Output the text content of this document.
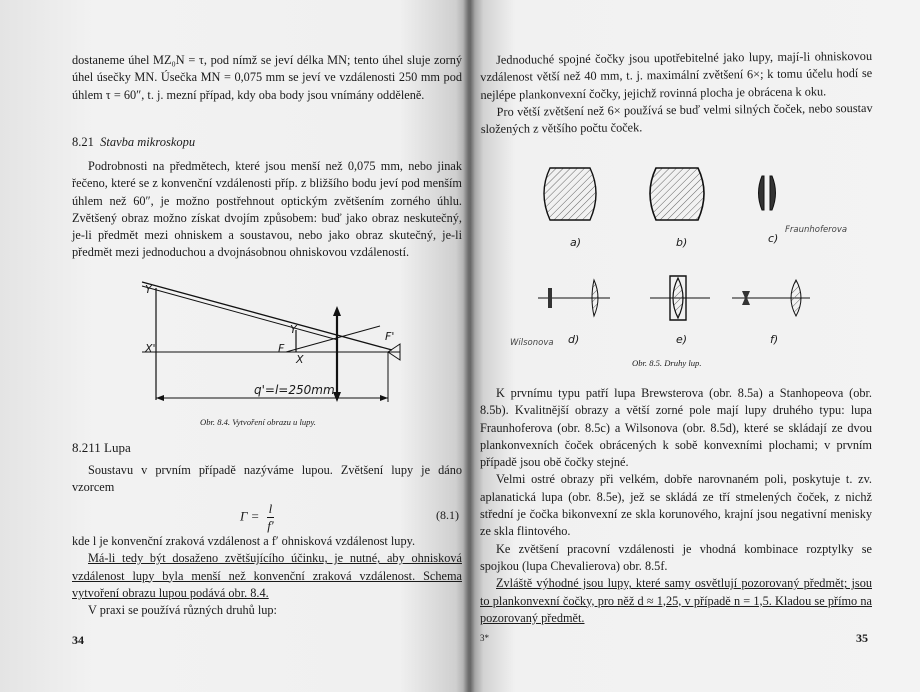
dostaneme úhel MZ₀N = τ, pod nímž se jeví délka MN; tento úhel sluje zorný úhel úsečky MN. Úsečka MN = 0,075 mm se jeví ve vzdálenosti 250 mm pod úhlem τ = 60″, t. j. mezní případ, kdy oba body jsou vnímány odděleně.

8.21 Stavba mikroskopu

Podrobnosti na předmětech, které jsou menší než 0,075 mm, nebo jinak řečeno, které se z konvenční vzdálenosti příp. z bližšího bodu jeví pod menším úhlem než 60″, je možno postřehnout optickým zvětšením zorného úhlu. Zvětšený obraz možno získat dvojím způsobem: buď jako obraz neskutečný, je-li předmět mezi ohniskem a soustavou, nebo jako obraz skutečný, je-li předmět mezi jednoduchou a dvojnásobnou ohniskovou vzdáleností.

Y
X'
Y
F
X
F'
q'=l=250mm
Obr. 8.4. Vytvoření obrazu u lupy.
8.211 Lupa

Soustavu v prvním případě nazýváme lupou. Zvětšení lupy je dáno vzorcem

$\Gamma = \frac{l}{f'}$	(8.1)

kde l je konvenční zraková vzdálenost a f′ ohnisková vzdálenost lupy.

Má-li tedy být dosaženo zvětšujícího účinku, je nutné, aby ohnisková vzdálenost lupy byla menší než konvenční zraková vzdálenost. Schema vytvoření obrazu lupou podává obr. 8.4.

V praxi se používá různých druhů lup:

34

Jednoduché spojné čočky jsou upotřebitelné jako lupy, mají-li ohniskovou vzdálenost větší než 40 mm, t. j. maximální zvětšení 6×; k tomu účelu hodí se nejlépe plankonvexní čočky, jejichž rovinná plocha je obrácena k oku.

Pro větší zvětšení než 6× používá se buď velmi silných čoček, nebo soustav složených z většího počtu čoček.

a)	b)	c)
Fraunhoferova
Wilsonova d)	e)	f)
Obr. 8.5. Druhy lup.

K prvnímu typu patří lupa Brewsterova (obr. 8.5a) a Stanhopeova (obr. 8.5b). Kvalitnější obrazy a větší zorné pole mají lupy druhého typu: lupa Fraunhoferova (obr. 8.5c) a Wilsonova (obr. 8.5d), které se skládají ze dvou plankonvexních čoček obrácených k sobě konvexními plochami; v prvním případě jsou obě čočky stejné.

Velmi ostré obrazy při velkém, dobře narovnaném poli, poskytuje t. zv. aplanatická lupa (obr. 8.5e), jež se skládá ze tří stmelených čoček, z nichž střední je čočka bikonvexní ze skla korunového, krajní jsou negativní menisky ze skla flintového.

Ke zvětšení pracovní vzdálenosti je vhodná kombinace rozptylky se spojkou (lupa Chevalierova) obr. 8.5f.

Zvláště výhodné jsou lupy, které samy osvětlují pozorovaný předmět; jsou to plankonvexní čočky, pro něž d ≈ 1,25, v případě n = 1,5. Kladou se přímo na pozorovaný předmět.

3*	35
